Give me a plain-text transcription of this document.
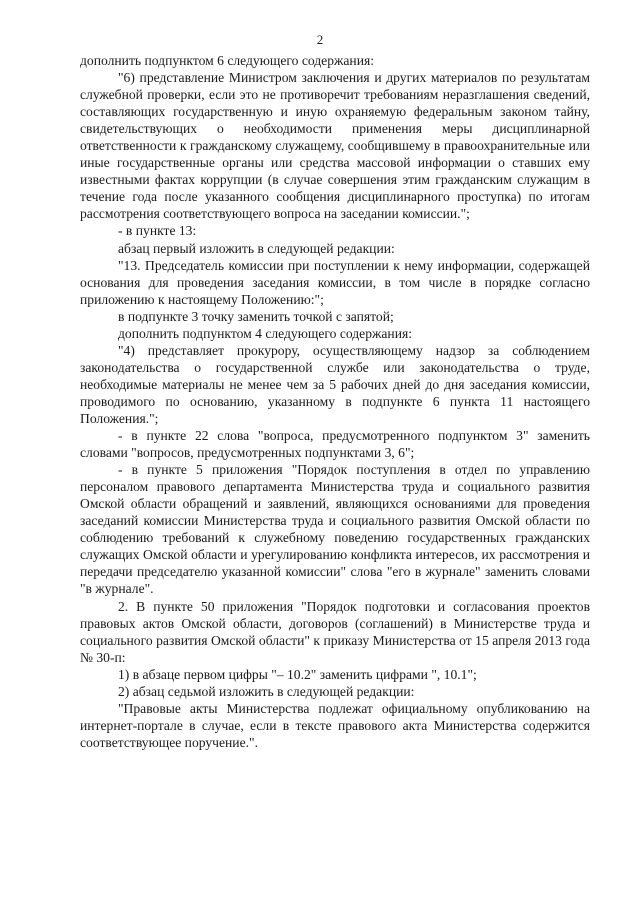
2

дополнить подпунктом 6 следующего содержания:

"6) представление Министром заключения и других материалов по результатам служебной проверки, если это не противоречит требованиям неразглашения сведений, составляющих государственную и иную охраняемую федеральным законом тайну, свидетельствующих о необходимости применения меры дисциплинарной ответственности к гражданскому служащему, сообщившему в правоохранительные или иные государственные органы или средства массовой информации о ставших ему известными фактах коррупции (в случае совершения этим гражданским служащим в течение года после указанного сообщения дисциплинарного проступка) по итогам рассмотрения соответствующего вопроса на заседании комиссии.";

- в пункте 13:

абзац первый изложить в следующей редакции:

"13. Председатель комиссии при поступлении к нему информации, содержащей основания для проведения заседания комиссии, в том числе в порядке согласно приложению к настоящему Положению:";

в подпункте 3 точку заменить точкой с запятой;

дополнить подпунктом 4 следующего содержания:

"4) представляет прокурору, осуществляющему надзор за соблюдением законодательства о государственной службе или законодательства о труде, необходимые материалы не менее чем за 5 рабочих дней до дня заседания комиссии, проводимого по основанию, указанному в подпункте 6 пункта 11 настоящего Положения.";

- в пункте 22 слова "вопроса, предусмотренного подпунктом 3" заменить словами "вопросов, предусмотренных подпунктами 3, 6";

- в пункте 5 приложения "Порядок поступления в отдел по управлению персоналом правового департамента Министерства труда и социального развития Омской области обращений и заявлений, являющихся основаниями для проведения заседаний комиссии Министерства труда и социального развития Омской области по соблюдению требований к служебному поведению государственных гражданских служащих Омской области и урегулированию конфликта интересов, их рассмотрения и передачи председателю указанной комиссии" слова "его в журнале" заменить словами "в журнале".

2. В пункте 50 приложения "Порядок подготовки и согласования проектов правовых актов Омской области, договоров (соглашений) в Министерстве труда и социального развития Омской области" к приказу Министерства от 15 апреля 2013 года № 30-п:

1) в абзаце первом цифры "– 10.2" заменить цифрами ", 10.1";

2) абзац седьмой изложить в следующей редакции:

"Правовые акты Министерства подлежат официальному опубликованию на интернет-портале в случае, если в тексте правового акта Министерства содержится соответствующее поручение.".
